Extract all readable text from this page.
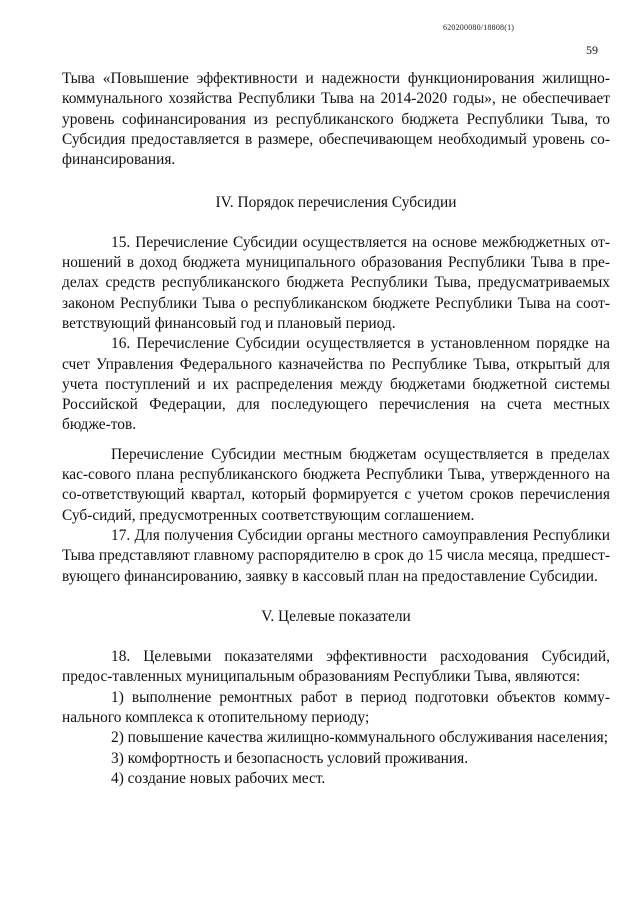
620200080/18808(1)
59

Тыва «Повышение эффективности и надежности функционирования жилищно-коммунального хозяйства Республики Тыва на 2014-2020 годы», не обеспечивает уровень софинансирования из республиканского бюджета Республики Тыва, то Субсидия предоставляется в размере, обеспечивающем необходимый уровень со-финансирования.

IV. Порядок перечисления Субсидии

15. Перечисление Субсидии осуществляется на основе межбюджетных от-ношений в доход бюджета муниципального образования Республики Тыва в пре-делах средств республиканского бюджета Республики Тыва, предусматриваемых законом Республики Тыва о республиканском бюджете Республики Тыва на соот-ветствующий финансовый год и плановый период.

16. Перечисление Субсидии осуществляется в установленном порядке на счет Управления Федерального казначейства по Республике Тыва, открытый для учета поступлений и их распределения между бюджетами бюджетной системы Российской Федерации, для последующего перечисления на счета местных бюдже-тов.

Перечисление Субсидии местным бюджетам осуществляется в пределах кас-сового плана республиканского бюджета Республики Тыва, утвержденного на со-ответствующий квартал, который формируется с учетом сроков перечисления Суб-сидий, предусмотренных соответствующим соглашением.

17. Для получения Субсидии органы местного самоуправления Республики Тыва представляют главному распорядителю в срок до 15 числа месяца, предшест-вующего финансированию, заявку в кассовый план на предоставление Субсидии.

V. Целевые показатели

18. Целевыми показателями эффективности расходования Субсидий, предос-тавленных муниципальным образованиям Республики Тыва, являются:

1) выполнение ремонтных работ в период подготовки объектов комму-нального комплекса к отопительному периоду;

2) повышение качества жилищно-коммунального обслуживания населения;

3) комфортность и безопасность условий проживания.

4) создание новых рабочих мест.
